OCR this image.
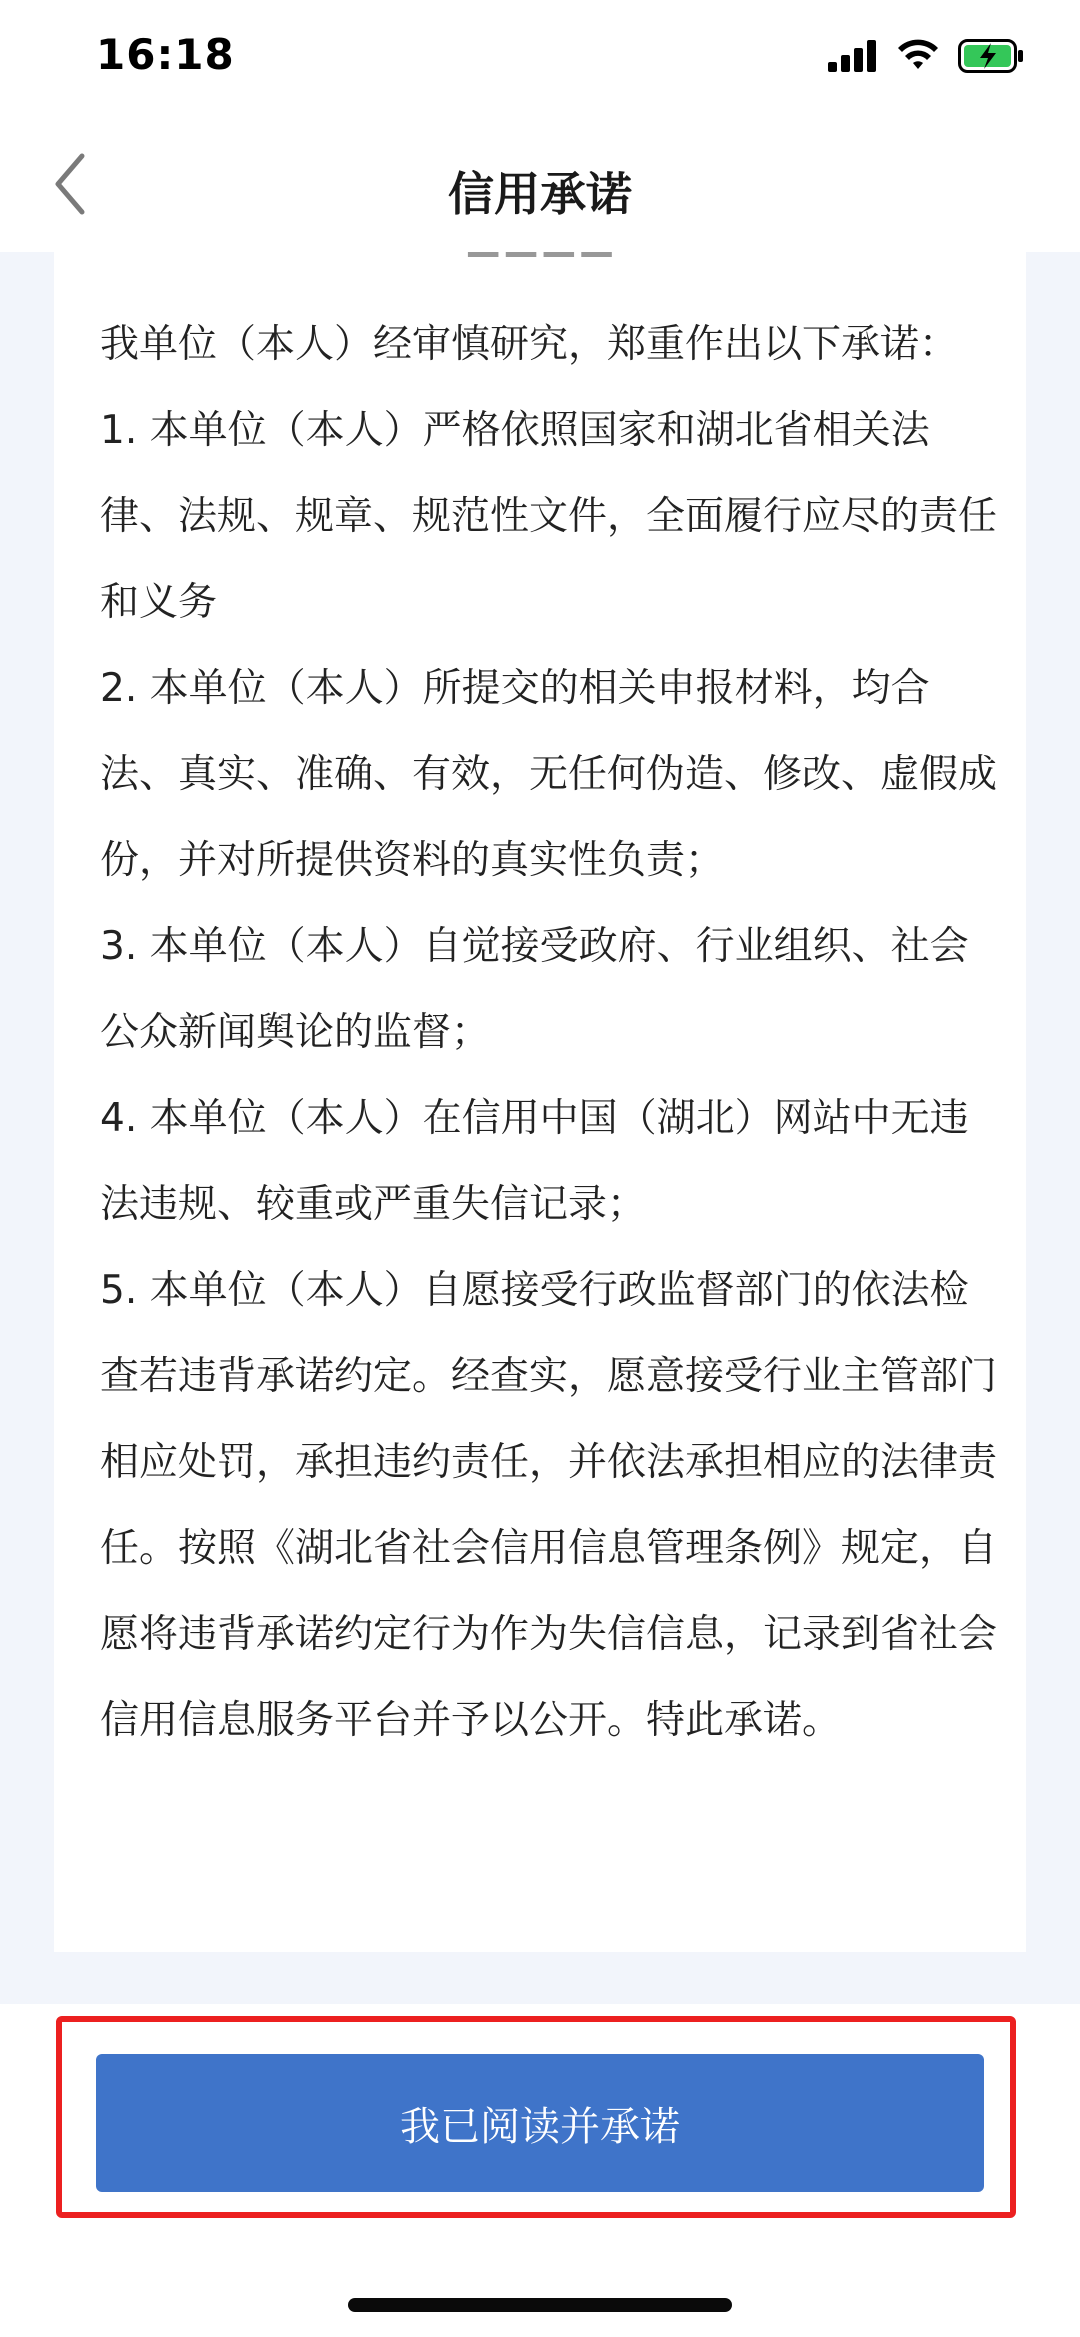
16:18
信用承诺

我单位（本人）经审慎研究，郑重作出以下承诺：

1. 本单位（本人）严格依照国家和湖北省相关法律、法规、规章、规范性文件，全面履行应尽的责任和义务

2. 本单位（本人）所提交的相关申报材料，均合法、真实、准确、有效，无任何伪造、修改、虚假成份，并对所提供资料的真实性负责；

3. 本单位（本人）自觉接受政府、行业组织、社会公众新闻舆论的监督；

4. 本单位（本人）在信用中国（湖北）网站中无违法违规、较重或严重失信记录；

5. 本单位（本人）自愿接受行政监督部门的依法检查若违背承诺约定。经查实，愿意接受行业主管部门相应处罚，承担违约责任，并依法承担相应的法律责任。按照《湖北省社会信用信息管理条例》规定，自愿将违背承诺约定行为作为失信信息，记录到省社会信用信息服务平台并予以公开。特此承诺。

我已阅读并承诺
